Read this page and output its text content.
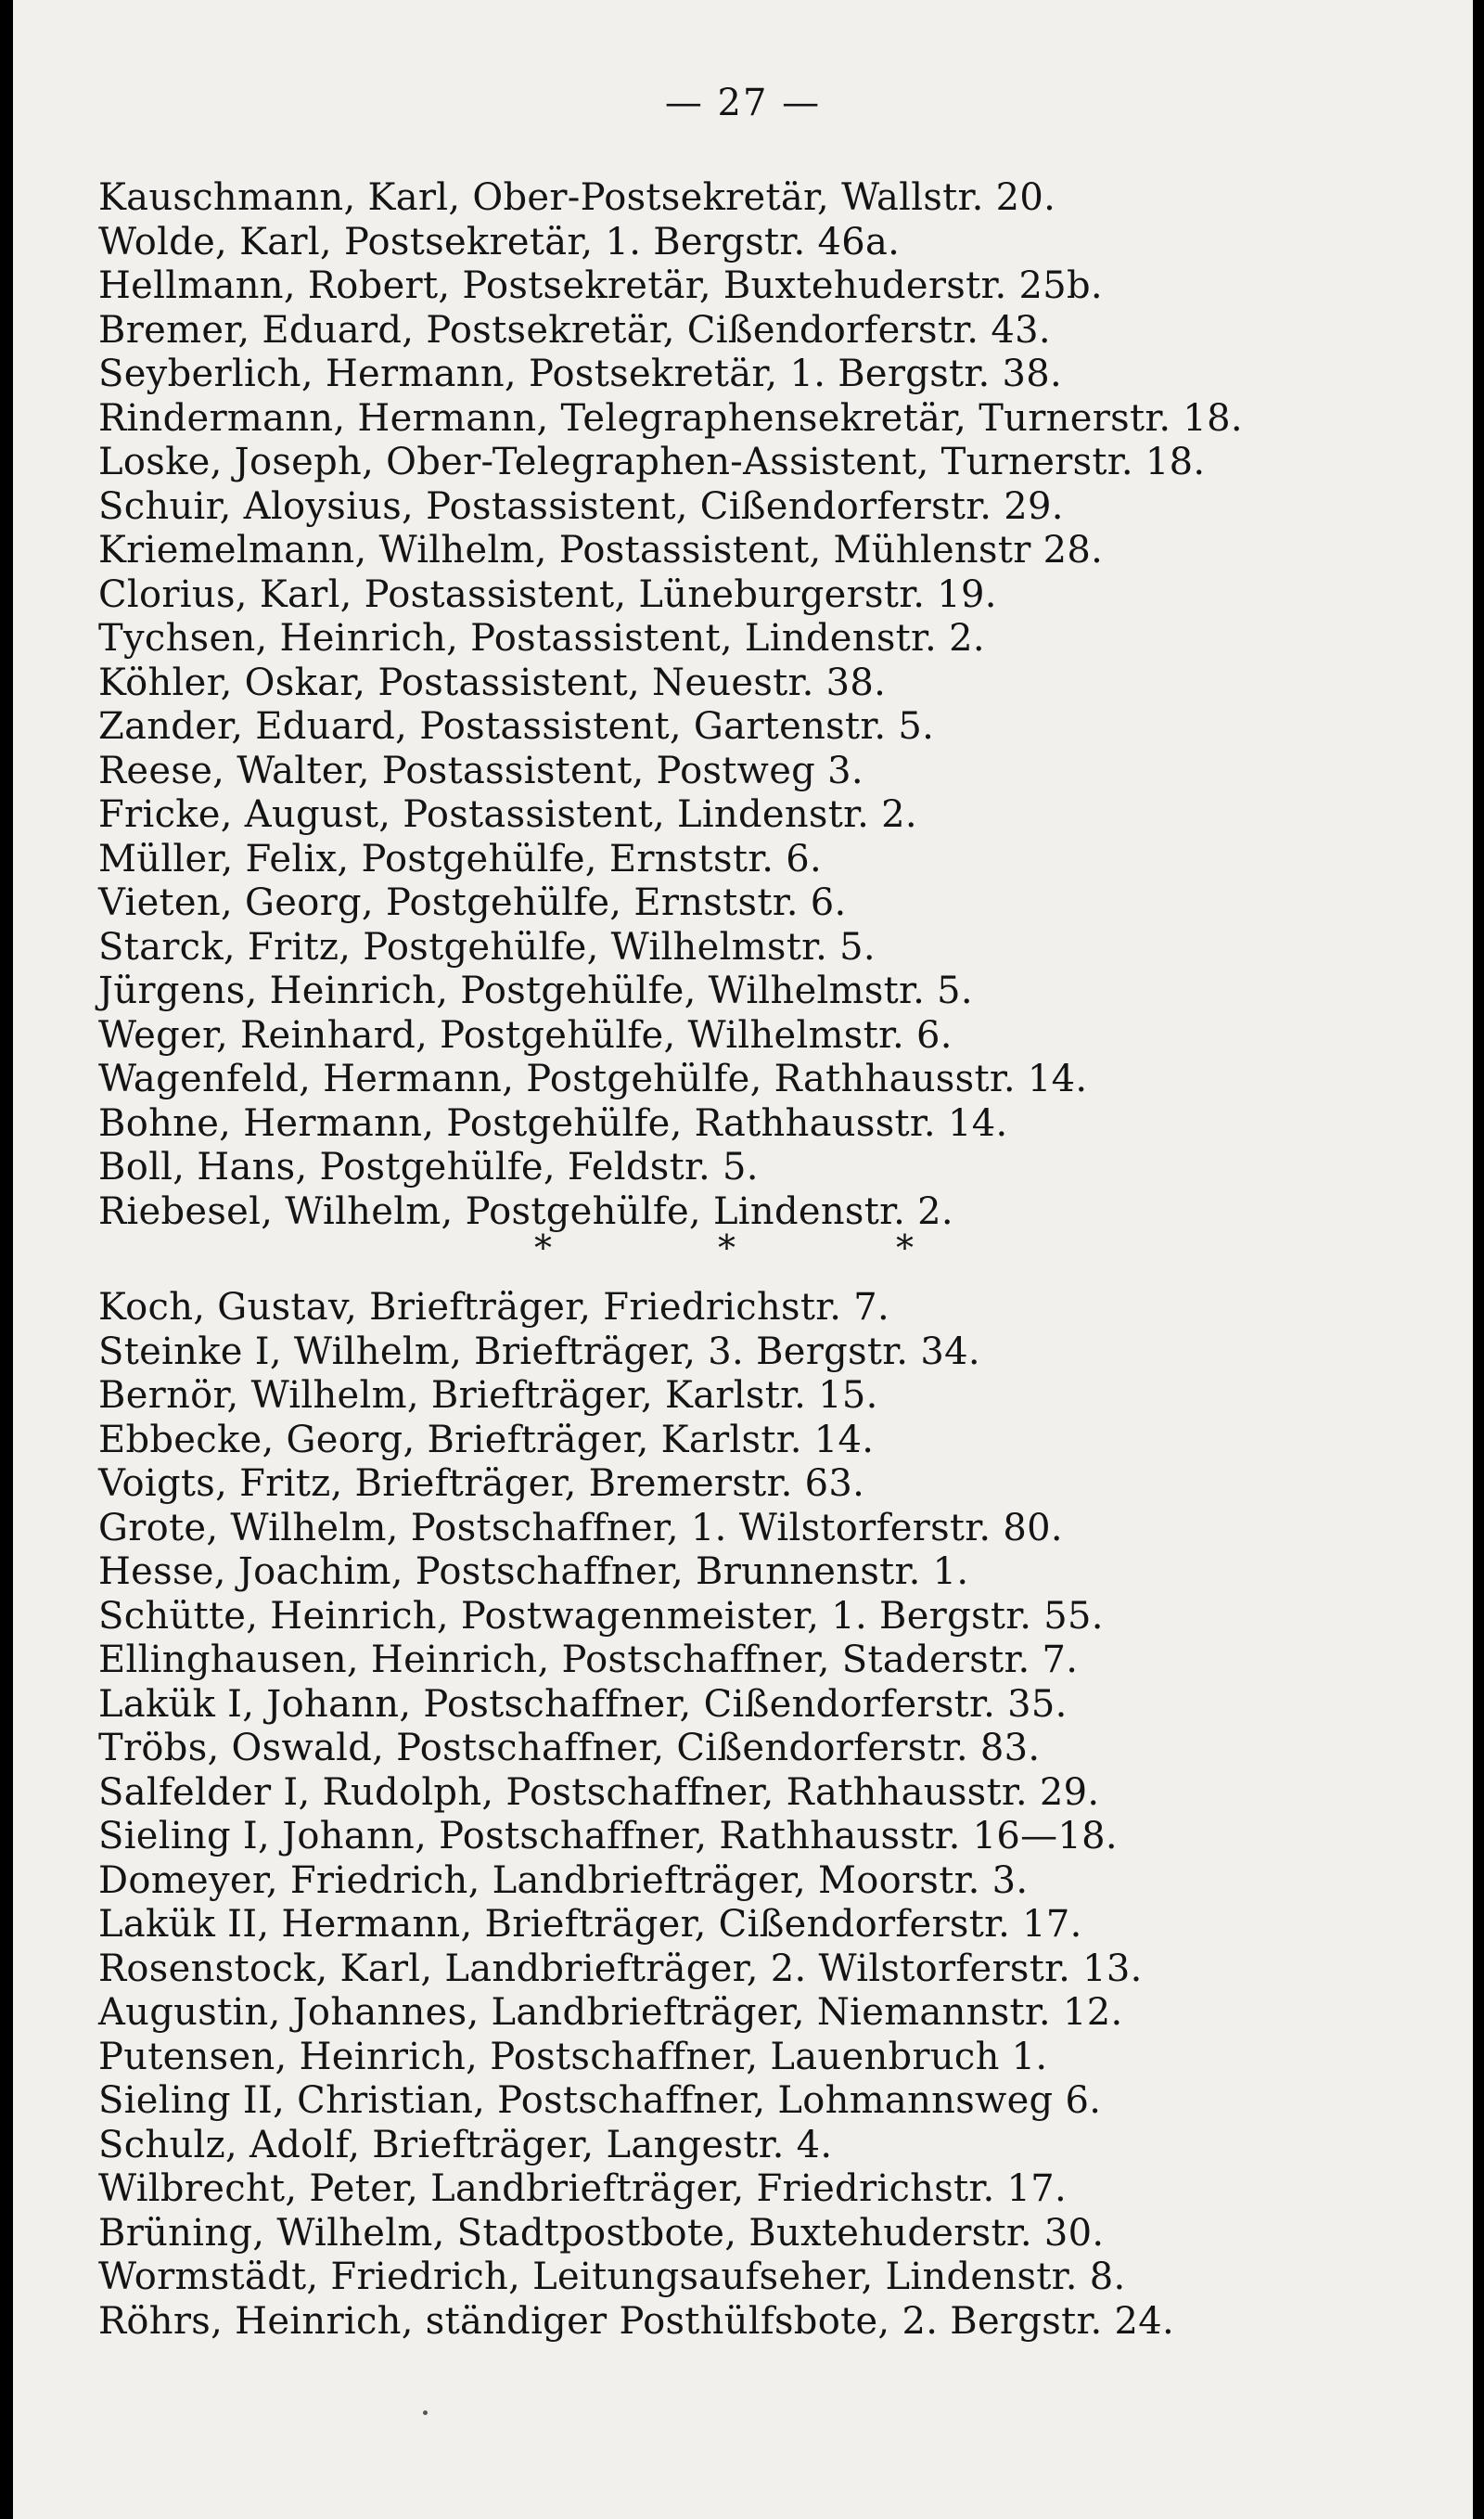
— 27 —
Kauschmann, Karl, Ober-Postsekretär, Wallstr. 20.
Wolde, Karl, Postsekretär, 1. Bergstr. 46a.
Hellmann, Robert, Postsekretär, Buxtehuderstr. 25b.
Bremer, Eduard, Postsekretär, Cißendorferstr. 43.
Seyberlich, Hermann, Postsekretär, 1. Bergstr. 38.
Rindermann, Hermann, Telegraphensekretär, Turnerstr. 18.
Loske, Joseph, Ober-Telegraphen-Assistent, Turnerstr. 18.
Schuir, Aloysius, Postassistent, Cißendorferstr. 29.
Kriemelmann, Wilhelm, Postassistent, Mühlenstr 28.
Clorius, Karl, Postassistent, Lüneburgerstr. 19.
Tychsen, Heinrich, Postassistent, Lindenstr. 2.
Köhler, Oskar, Postassistent, Neuestr. 38.
Zander, Eduard, Postassistent, Gartenstr. 5.
Reese, Walter, Postassistent, Postweg 3.
Fricke, August, Postassistent, Lindenstr. 2.
Müller, Felix, Postgehülfe, Ernststr. 6.
Vieten, Georg, Postgehülfe, Ernststr. 6.
Starck, Fritz, Postgehülfe, Wilhelmstr. 5.
Jürgens, Heinrich, Postgehülfe, Wilhelmstr. 5.
Weger, Reinhard, Postgehülfe, Wilhelmstr. 6.
Wagenfeld, Hermann, Postgehülfe, Rathhausstr. 14.
Bohne, Hermann, Postgehülfe, Rathhausstr. 14.
Boll, Hans, Postgehülfe, Feldstr. 5.
Riebesel, Wilhelm, Postgehülfe, Lindenstr. 2.
*	*	*
Koch, Gustav, Briefträger, Friedrichstr. 7.
Steinke I, Wilhelm, Briefträger, 3. Bergstr. 34.
Bernör, Wilhelm, Briefträger, Karlstr. 15.
Ebbecke, Georg, Briefträger, Karlstr. 14.
Voigts, Fritz, Briefträger, Bremerstr. 63.
Grote, Wilhelm, Postschaffner, 1. Wilstorferstr. 80.
Hesse, Joachim, Postschaffner, Brunnenstr. 1.
Schütte, Heinrich, Postwagenmeister, 1. Bergstr. 55.
Ellinghausen, Heinrich, Postschaffner, Staderstr. 7.
Lakük I, Johann, Postschaffner, Cißendorferstr. 35.
Tröbs, Oswald, Postschaffner, Cißendorferstr. 83.
Salfelder I, Rudolph, Postschaffner, Rathhausstr. 29.
Sieling I, Johann, Postschaffner, Rathhausstr. 16—18.
Domeyer, Friedrich, Landbriefträger, Moorstr. 3.
Lakük II, Hermann, Briefträger, Cißendorferstr. 17.
Rosenstock, Karl, Landbriefträger, 2. Wilstorferstr. 13.
Augustin, Johannes, Landbriefträger, Niemannstr. 12.
Putensen, Heinrich, Postschaffner, Lauenbruch 1.
Sieling II, Christian, Postschaffner, Lohmannsweg 6.
Schulz, Adolf, Briefträger, Langestr. 4.
Wilbrecht, Peter, Landbriefträger, Friedrichstr. 17.
Brüning, Wilhelm, Stadtpostbote, Buxtehuderstr. 30.
Wormstädt, Friedrich, Leitungsaufseher, Lindenstr. 8.
Röhrs, Heinrich, ständiger Posthülfsbote, 2. Bergstr. 24.
